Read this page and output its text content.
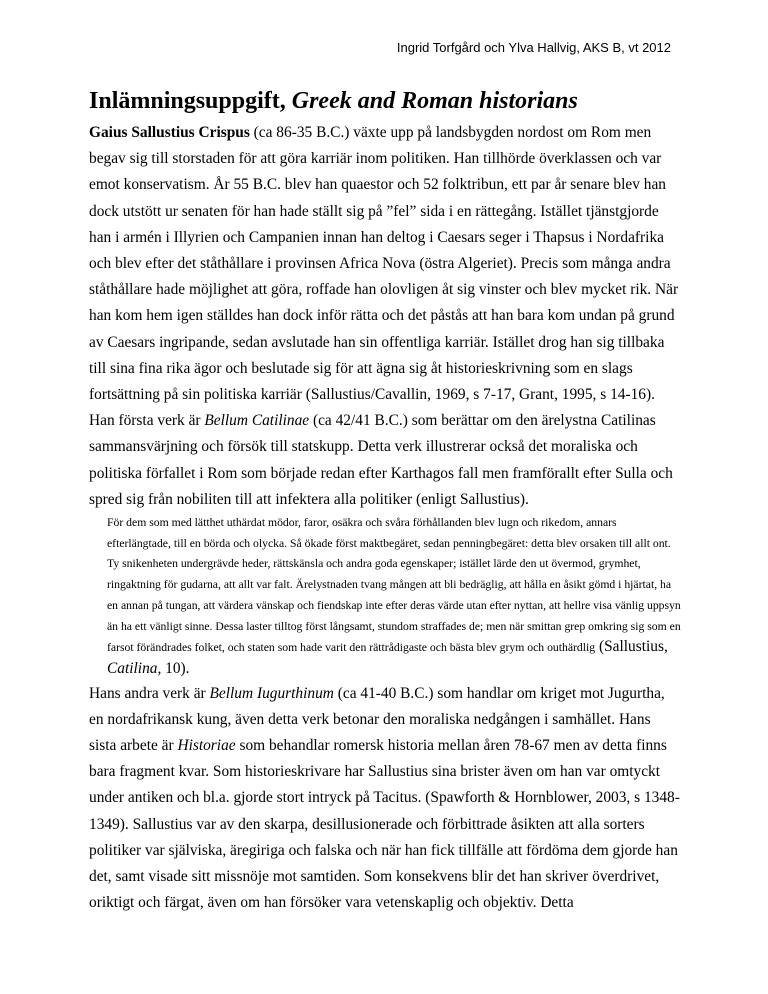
Ingrid Torfgård och Ylva Hallvig, AKS B, vt 2012
Inlämningsuppgift, Greek and Roman historians

Gaius Sallustius Crispus (ca 86-35 B.C.) växte upp på landsbygden nordost om Rom men begav sig till storstaden för att göra karriär inom politiken. Han tillhörde överklassen och var emot konservatism. År 55 B.C. blev han quaestor och 52 folktribun, ett par år senare blev han dock utstött ur senaten för han hade ställt sig på ”fel” sida i en rättegång. Istället tjänstgjorde han i armén i Illyrien och Campanien innan han deltog i Caesars seger i Thapsus i Nordafrika och blev efter det ståthållare i provinsen Africa Nova (östra Algeriet). Precis som många andra ståthållare hade möjlighet att göra, roffade han olovligen åt sig vinster och blev mycket rik. När han kom hem igen ställdes han dock inför rätta och det påstås att han bara kom undan på grund av Caesars ingripande, sedan avslutade han sin offentliga karriär. Istället drog han sig tillbaka till sina fina rika ägor och beslutade sig för att ägna sig åt historieskrivning som en slags fortsättning på sin politiska karriär (Sallustius/Cavallin, 1969, s 7-17, Grant, 1995, s 14-16). Han första verk är Bellum Catilinae (ca 42/41 B.C.) som berättar om den ärelystna Catilinas sammansvärjning och försök till statskupp. Detta verk illustrerar också det moraliska och politiska förfallet i Rom som började redan efter Karthagos fall men framförallt efter Sulla och spred sig från nobiliten till att infektera alla politiker (enligt Sallustius).

För dem som med lätthet uthärdat mödor, faror, osäkra och svåra förhållanden blev lugn och rikedom, annars efterlängtade, till en börda och olycka. Så ökade först maktbegäret, sedan penningbegäret: detta blev orsaken till allt ont. Ty snikenheten undergrävde heder, rättskänsla och andra goda egenskaper; istället lärde den ut övermod, grymhet, ringaktning för gudarna, att allt var falt. Ärelystnaden tvang mången att bli bedräglig, att hålla en åsikt gömd i hjärtat, ha en annan på tungan, att värdera vänskap och fiendskap inte efter deras värde utan efter nyttan, att hellre visa vänlig uppsyn än ha ett vänligt sinne. Dessa laster tilltog först långsamt, stundom straffades de; men när smittan grep omkring sig som en farsot förändrades folket, och staten som hade varit den rättrådigaste och bästa blev grym och outhärdlig (Sallustius, Catilina, 10).

Hans andra verk är Bellum Iugurthinum (ca 41-40 B.C.) som handlar om kriget mot Jugurtha, en nordafrikansk kung, även detta verk betonar den moraliska nedgången i samhället. Hans sista arbete är Historiae som behandlar romersk historia mellan åren 78-67 men av detta finns bara fragment kvar. Som historieskrivare har Sallustius sina brister även om han var omtyckt under antiken och bl.a. gjorde stort intryck på Tacitus. (Spawforth & Hornblower, 2003, s 1348-1349). Sallustius var av den skarpa, desillusionerade och förbittrade åsikten att alla sorters politiker var själviska, äregiriga och falska och när han fick tillfälle att fördöma dem gjorde han det, samt visade sitt missnöje mot samtiden. Som konsekvens blir det han skriver överdrivet, oriktigt och färgat, även om han försöker vara vetenskaplig och objektiv. Detta
